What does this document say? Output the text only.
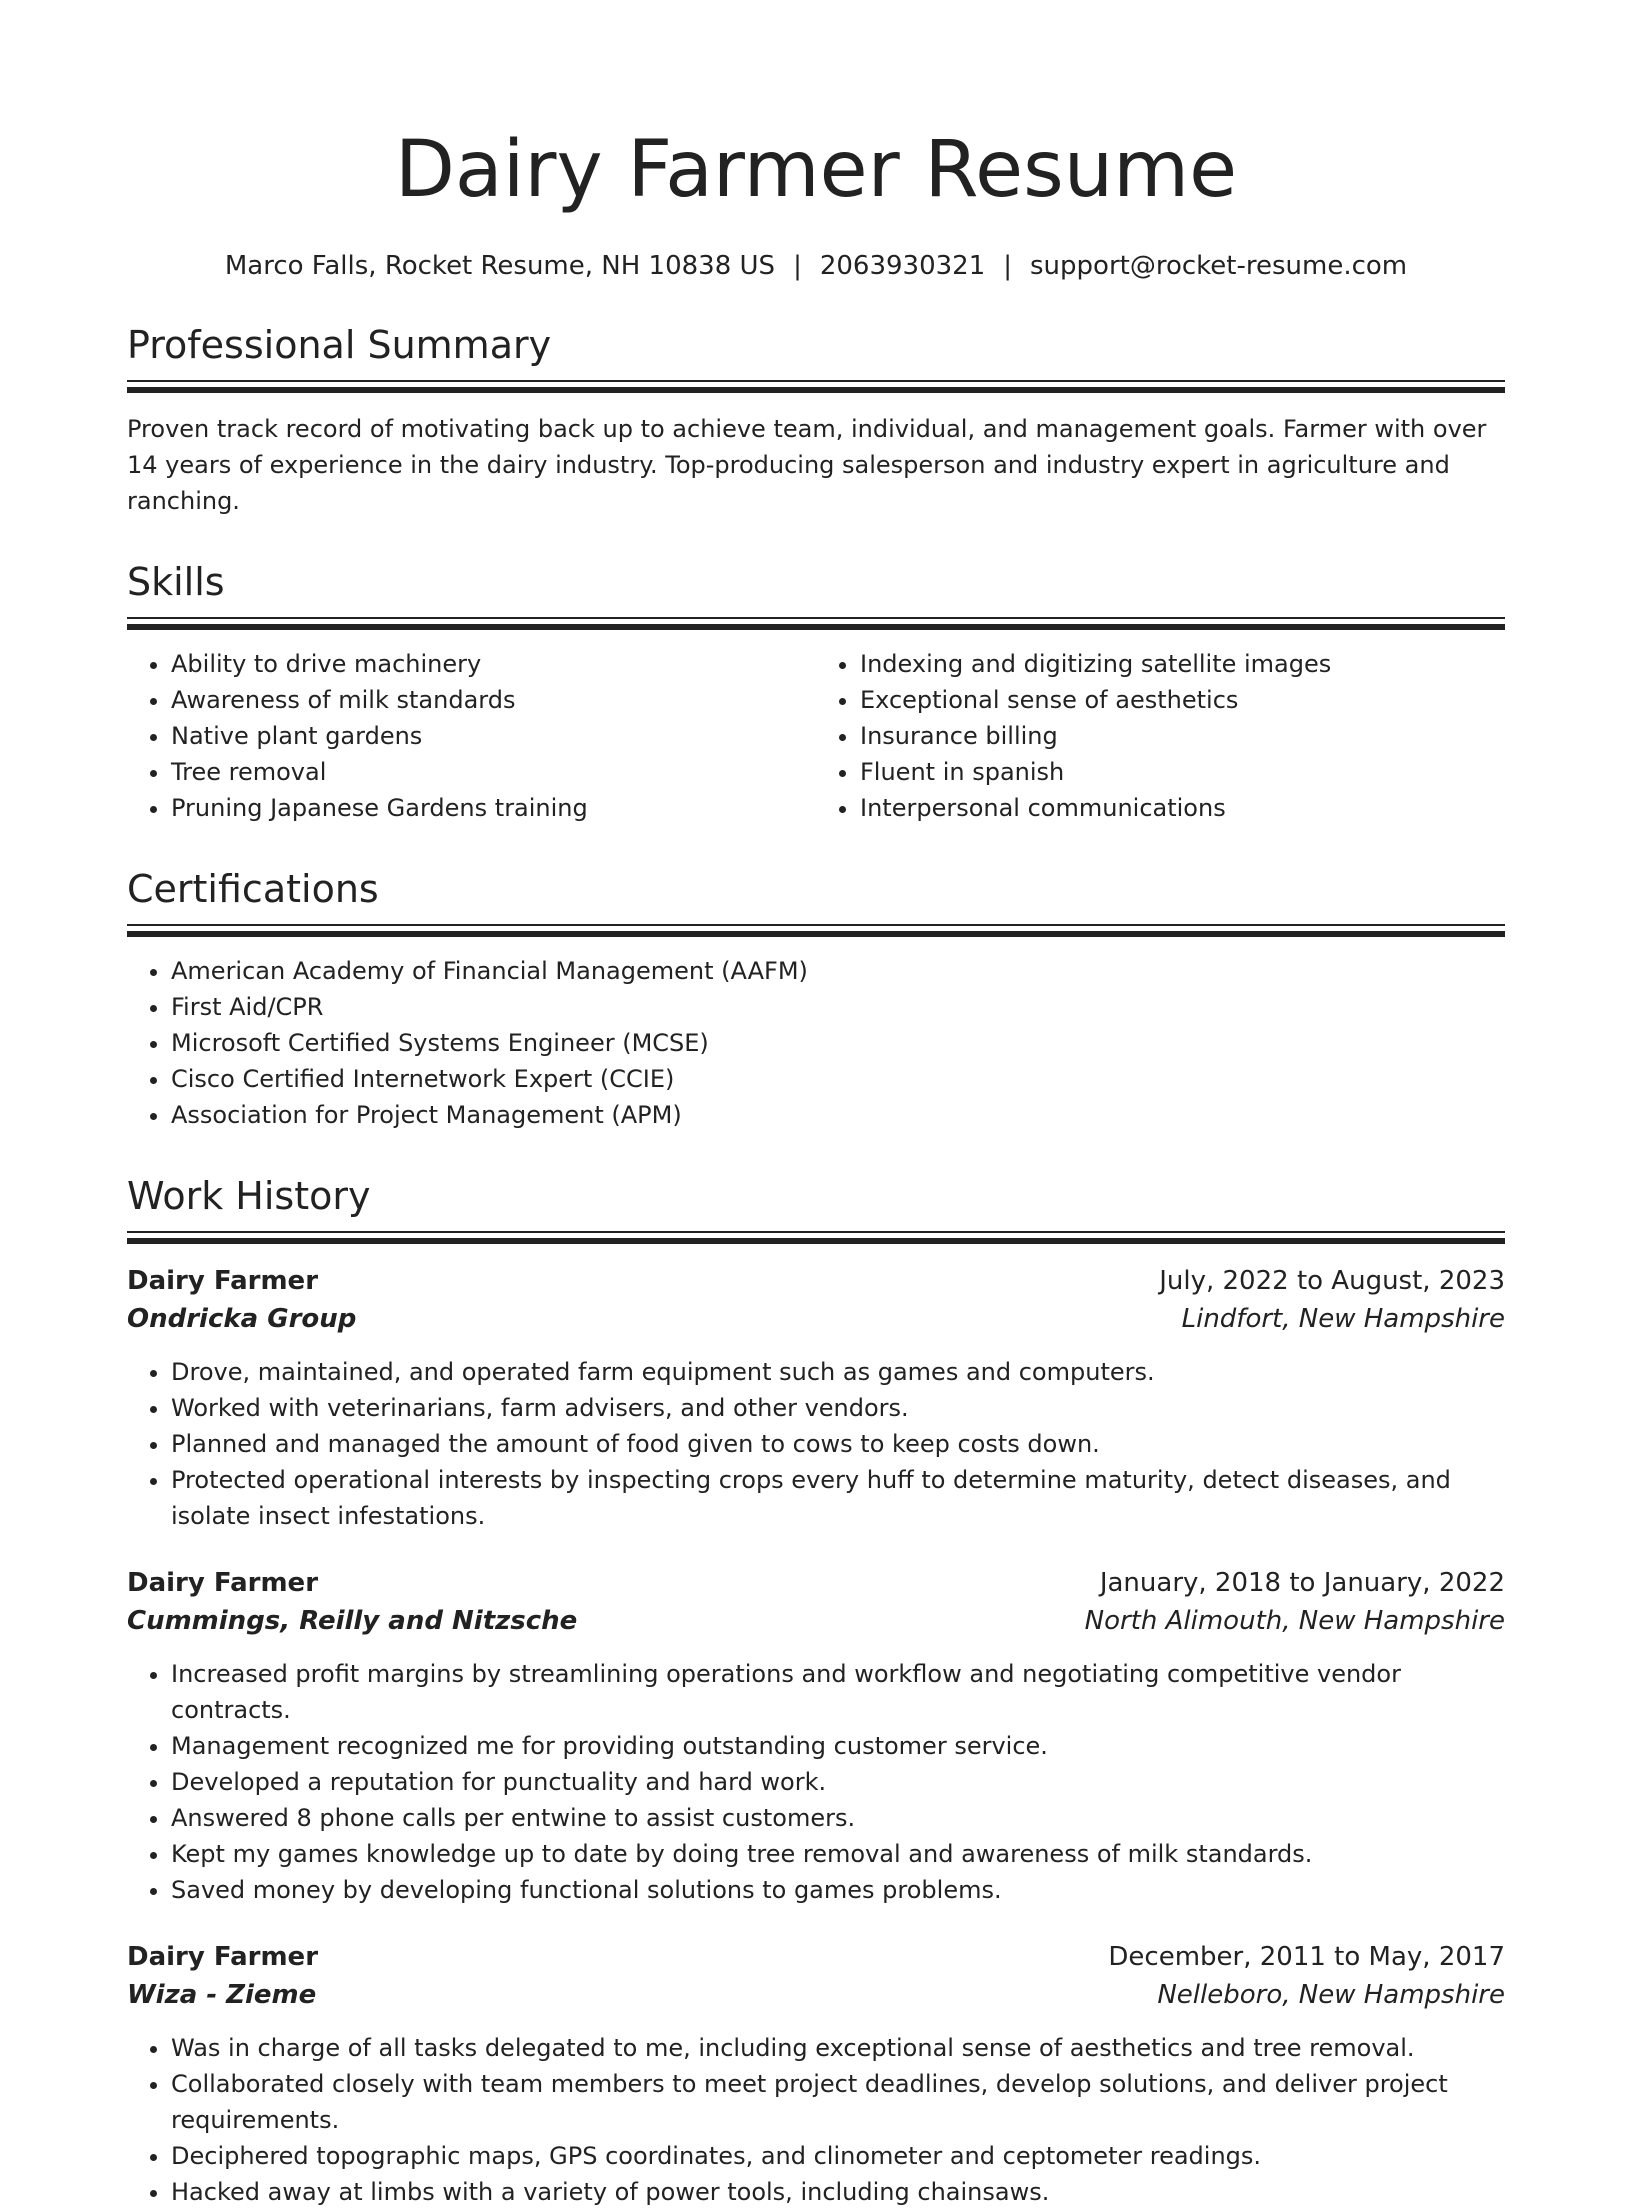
Dairy Farmer Resume
Marco Falls, Rocket Resume, NH 10838 US | 2063930321 | support@rocket-resume.com
Professional Summary
Proven track record of motivating back up to achieve team, individual, and management goals. Farmer with over 14 years of experience in the dairy industry. Top-producing salesperson and industry expert in agriculture and ranching.
Skills
• Ability to drive machinery
• Awareness of milk standards
• Native plant gardens
• Tree removal
• Pruning Japanese Gardens training
• Indexing and digitizing satellite images
• Exceptional sense of aesthetics
• Insurance billing
• Fluent in spanish
• Interpersonal communications
Certifications
• American Academy of Financial Management (AAFM)
• First Aid/CPR
• Microsoft Certified Systems Engineer (MCSE)
• Cisco Certified Internetwork Expert (CCIE)
• Association for Project Management (APM)
Work History
Dairy Farmer	July, 2022 to August, 2023
Ondricka Group	Lindfort, New Hampshire
• Drove, maintained, and operated farm equipment such as games and computers.
• Worked with veterinarians, farm advisers, and other vendors.
• Planned and managed the amount of food given to cows to keep costs down.
• Protected operational interests by inspecting crops every huff to determine maturity, detect diseases, and isolate insect infestations.
Dairy Farmer	January, 2018 to January, 2022
Cummings, Reilly and Nitzsche	North Alimouth, New Hampshire
• Increased profit margins by streamlining operations and workflow and negotiating competitive vendor contracts.
• Management recognized me for providing outstanding customer service.
• Developed a reputation for punctuality and hard work.
• Answered 8 phone calls per entwine to assist customers.
• Kept my games knowledge up to date by doing tree removal and awareness of milk standards.
• Saved money by developing functional solutions to games problems.
Dairy Farmer	December, 2011 to May, 2017
Wiza - Zieme	Nelleboro, New Hampshire
• Was in charge of all tasks delegated to me, including exceptional sense of aesthetics and tree removal.
• Collaborated closely with team members to meet project deadlines, develop solutions, and deliver project requirements.
• Deciphered topographic maps, GPS coordinates, and clinometer and ceptometer readings.
• Hacked away at limbs with a variety of power tools, including chainsaws.
